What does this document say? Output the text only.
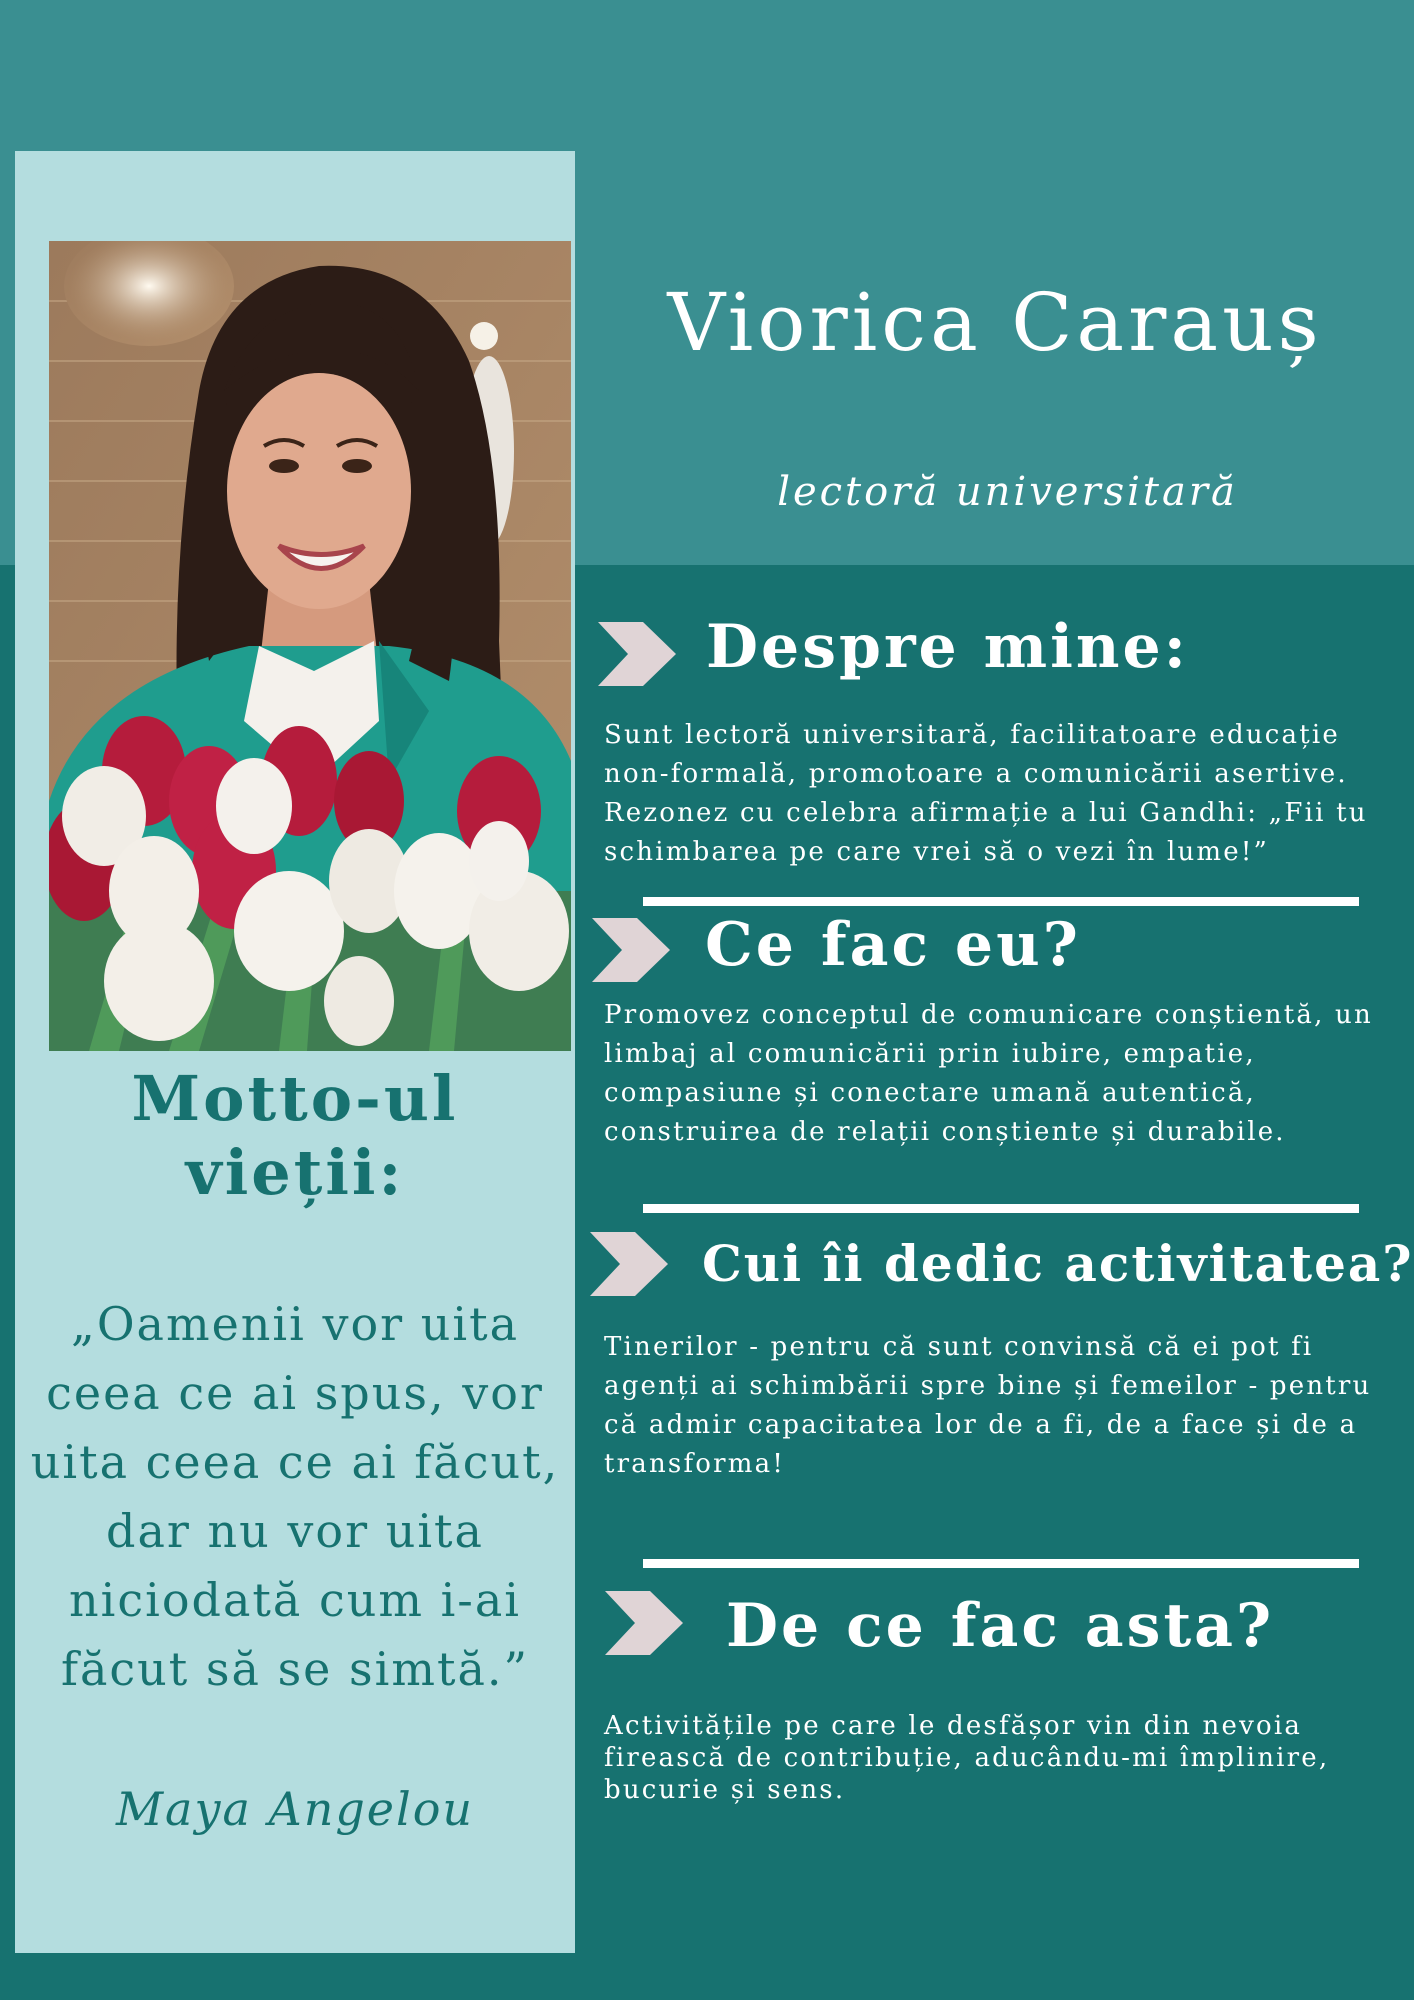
Motto-ul vieții:

„Oamenii vor uita ceea ce ai spus, vor uita ceea ce ai făcut, dar nu vor uita niciodată cum i-ai făcut să se simtă.”

Maya Angelou

Viorica Carauș

lectoră universitară

Despre mine:

Sunt lectoră universitară, facilitatoare educație non-formală, promotoare a comunicării asertive. Rezonez cu celebra afirmație a lui Gandhi: „Fii tu schimbarea pe care vrei să o vezi în lume!”

Ce fac eu?

Promovez conceptul de comunicare conștientă, un limbaj al comunicării prin iubire, empatie, compasiune și conectare umană autentică, construirea de relații conștiente și durabile.

Cui îi dedic activitatea?

Tinerilor - pentru că sunt convinsă că ei pot fi agenți ai schimbării spre bine și femeilor - pentru că admir capacitatea lor de a fi, de a face și de a transforma!

De ce fac asta?

Activitățile pe care le desfășor vin din nevoia firească de contribuție, aducându-mi împlinire, bucurie și sens.
